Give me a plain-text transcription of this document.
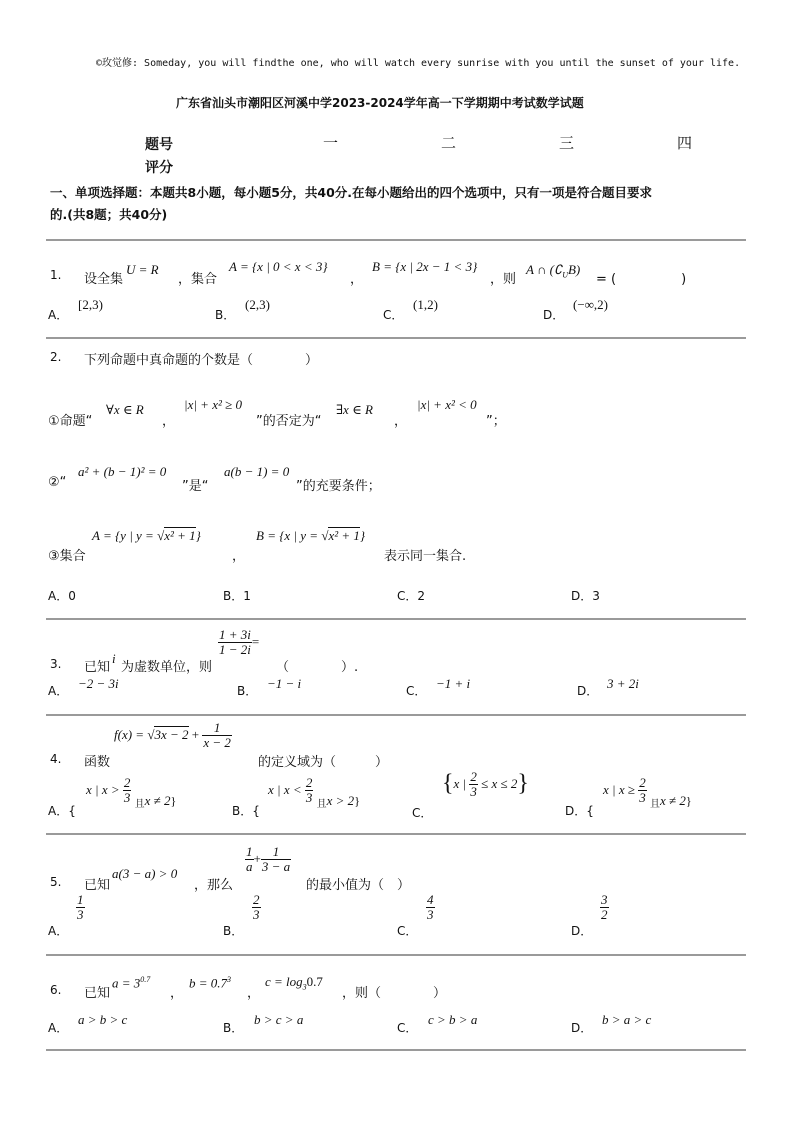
©玫觉修: Someday, you will findthe one, who will watch every sunrise with you until the sunset of your life.
广东省汕头市潮阳区河溪中学2023-2024学年高一下学期期中考试数学试题
题号	一	二	三	四
评分
一、单项选择题：本题共8小题，每小题5分，共40分.在每小题给出的四个选项中，只有一项是符合题目要求
的.(共8题；共40分)
1. 设全集
U = R
，集合
A = {x | 0 < x < 3}
，
B = {x | 2x − 1 < 3}
，则
A ∩ $(∁_UB)$
= (　　　　　)
A．
[2,3)
B．
(2,3)
C．
(1,2)
D．
(−∞,2)
2. 下列命题中真命题的个数是（　　　　）
①命题“
∀x ∈ R
，
|x| + x² ≥ 0
”的否定为“
∃x ∈ R
，
|x| + x² < 0
”；
②“
a² + (b − 1)² = 0
”是“
a(b − 1) = 0
”的充要条件；
③集合
A = {y | y = √x² + 1}
，
B = {x | y = √x² + 1}
表示同一集合.
A．0	B．1	C．2	D．3
3. 已知
i
为虚数单位，则
$\frac{1 + 3i}{1 - 2i}$ =
（　　　　）.
A． −2 − 3i	B． −1 − i	C． −1 + i	D． 3 + 2i
4. 函数
$f(x) = √3x - 2 + \frac{1}{x - 2}$
的定义域为（　　　）
A．{
x | $x > \frac{2}{3}$
$_且$x ≠ 2}
B．{
x | $x < \frac{2}{3}$
$_且$x > 2}
C．
{x | $\frac{2}{3} \le x \le 2$}
D．{
x | $x \ge \frac{2}{3}$
$_且$x ≠ 2}
5. 已知
a(3 − a) > 0
，那么
$\frac{1}{a} + \frac{1}{3 - a}$
的最小值为（　）
A．
$\frac{1}{3}$
B．
$\frac{2}{3}$
C．
$\frac{4}{3}$
D．
$\frac{3}{2}$
6. 已知
$a = 3^{0.7}$
，
$b = 0.7^3$
，
$c = \log_30.7$
，则（　　　　）
A．
a > b > c
B．
b > c > a
C．
c > b > a
D．
b > a > c
